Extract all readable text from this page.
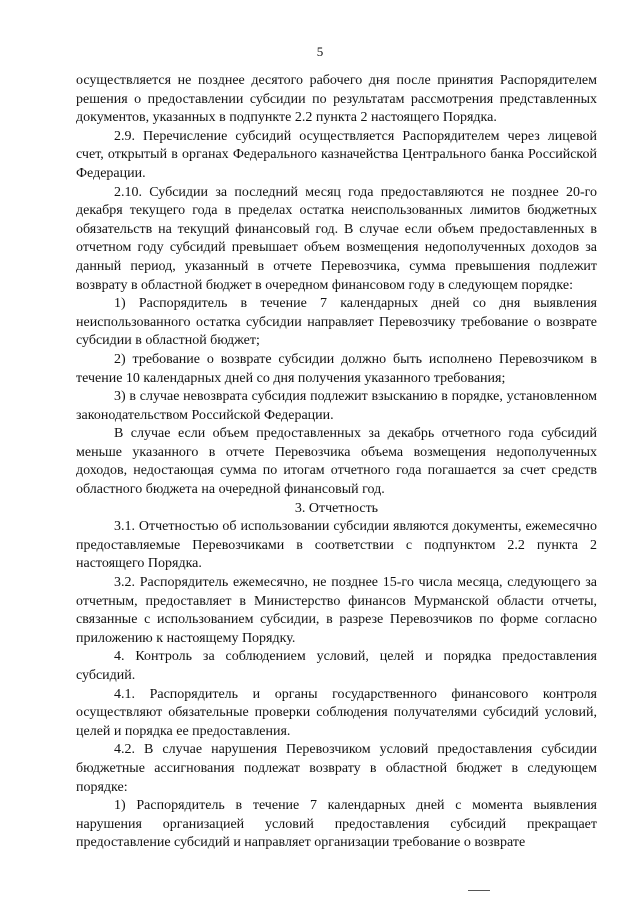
5

осуществляется не позднее десятого рабочего дня после принятия Распорядителем решения о предоставлении субсидии по результатам рассмотрения представленных документов, указанных в подпункте 2.2 пункта 2 настоящего Порядка.

2.9. Перечисление субсидий осуществляется Распорядителем через лицевой счет, открытый в органах Федерального казначейства Центрального банка Российской Федерации.

2.10. Субсидии за последний месяц года предоставляются не позднее 20-го декабря текущего года в пределах остатка неиспользованных лимитов бюджетных обязательств на текущий финансовый год. В случае если объем предоставленных в отчетном году субсидий превышает объем возмещения недополученных доходов за данный период, указанный в отчете Перевозчика, сумма превышения подлежит возврату в областной бюджет в очередном финансовом году в следующем порядке:

1) Распорядитель в течение 7 календарных дней со дня выявления неиспользованного остатка субсидии направляет Перевозчику требование о возврате субсидии в областной бюджет;

2) требование о возврате субсидии должно быть исполнено Перевозчиком в течение 10 календарных дней со дня получения указанного требования;

3) в случае невозврата субсидия подлежит взысканию в порядке, установленном законодательством Российской Федерации.

В случае если объем предоставленных за декабрь отчетного года субсидий меньше указанного в отчете Перевозчика объема возмещения недополученных доходов, недостающая сумма по итогам отчетного года погашается за счет средств областного бюджета на очередной финансовый год.

3. Отчетность

3.1. Отчетностью об использовании субсидии являются документы, ежемесячно предоставляемые Перевозчиками в соответствии с подпунктом 2.2 пункта 2 настоящего Порядка.

3.2. Распорядитель ежемесячно, не позднее 15-го числа месяца, следующего за отчетным, предоставляет в Министерство финансов Мурманской области отчеты, связанные с использованием субсидии, в разрезе Перевозчиков по форме согласно приложению к настоящему Порядку.

4. Контроль за соблюдением условий, целей и порядка предоставления субсидий.

4.1. Распорядитель и органы государственного финансового контроля осуществляют обязательные проверки соблюдения получателями субсидий условий, целей и порядка ее предоставления.

4.2. В случае нарушения Перевозчиком условий предоставления субсидии бюджетные ассигнования подлежат возврату в областной бюджет в следующем порядке:

1) Распорядитель в течение 7 календарных дней с момента выявления нарушения организацией условий предоставления субсидий прекращает предоставление субсидий и направляет организации требование о возврате
